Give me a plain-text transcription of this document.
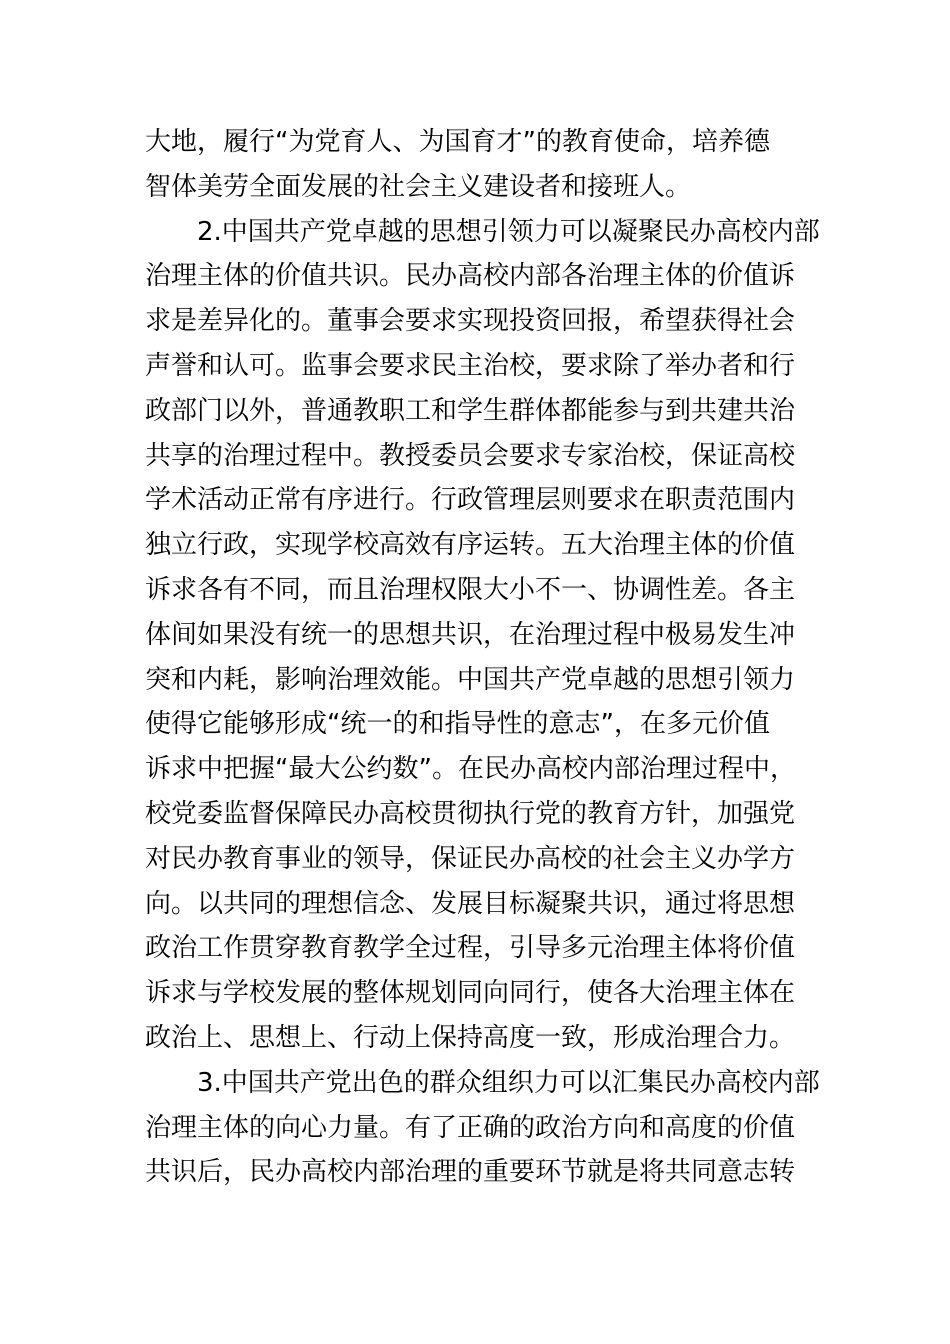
大地，履行“为党育人、为国育才”的教育使命，培养德
智体美劳全面发展的社会主义建设者和接班人。
2.中国共产党卓越的思想引领力可以凝聚民办高校内部
治理主体的价值共识。民办高校内部各治理主体的价值诉
求是差异化的。董事会要求实现投资回报，希望获得社会
声誉和认可。监事会要求民主治校，要求除了举办者和行
政部门以外，普通教职工和学生群体都能参与到共建共治
共享的治理过程中。教授委员会要求专家治校，保证高校
学术活动正常有序进行。行政管理层则要求在职责范围内
独立行政，实现学校高效有序运转。五大治理主体的价值
诉求各有不同，而且治理权限大小不一、协调性差。各主
体间如果没有统一的思想共识，在治理过程中极易发生冲
突和内耗，影响治理效能。中国共产党卓越的思想引领力
使得它能够形成“统一的和指导性的意志”，在多元价值
诉求中把握“最大公约数”。在民办高校内部治理过程中，
校党委监督保障民办高校贯彻执行党的教育方针，加强党
对民办教育事业的领导，保证民办高校的社会主义办学方
向。以共同的理想信念、发展目标凝聚共识，通过将思想
政治工作贯穿教育教学全过程，引导多元治理主体将价值
诉求与学校发展的整体规划同向同行，使各大治理主体在
政治上、思想上、行动上保持高度一致，形成治理合力。
3.中国共产党出色的群众组织力可以汇集民办高校内部
治理主体的向心力量。有了正确的政治方向和高度的价值
共识后，民办高校内部治理的重要环节就是将共同意志转
